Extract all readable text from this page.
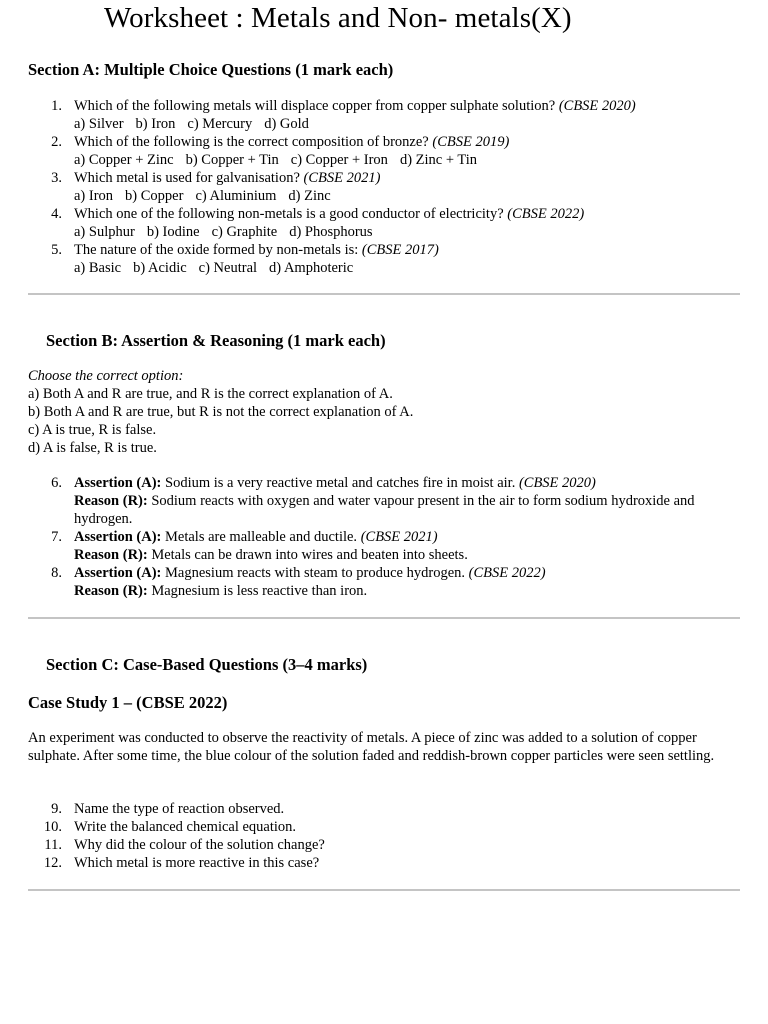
Worksheet : Metals and Non- metals(X)
Section A: Multiple Choice Questions (1 mark each)
1. Which of the following metals will displace copper from copper sulphate solution? (CBSE 2020)
a) Silver b) Iron c) Mercury d) Gold
2. Which of the following is the correct composition of bronze? (CBSE 2019)
a) Copper + Zinc b) Copper + Tin c) Copper + Iron d) Zinc + Tin
3. Which metal is used for galvanisation? (CBSE 2021)
a) Iron b) Copper c) Aluminium d) Zinc
4. Which one of the following non-metals is a good conductor of electricity? (CBSE 2022)
a) Sulphur b) Iodine c) Graphite d) Phosphorus
5. The nature of the oxide formed by non-metals is: (CBSE 2017)
a) Basic b) Acidic c) Neutral d) Amphoteric
Section B: Assertion & Reasoning (1 mark each)
Choose the correct option:
a) Both A and R are true, and R is the correct explanation of A.
b) Both A and R are true, but R is not the correct explanation of A.
c) A is true, R is false.
d) A is false, R is true.
6. Assertion (A): Sodium is a very reactive metal and catches fire in moist air. (CBSE 2020)
Reason (R): Sodium reacts with oxygen and water vapour present in the air to form sodium hydroxide and hydrogen.
7. Assertion (A): Metals are malleable and ductile. (CBSE 2021)
Reason (R): Metals can be drawn into wires and beaten into sheets.
8. Assertion (A): Magnesium reacts with steam to produce hydrogen. (CBSE 2022)
Reason (R): Magnesium is less reactive than iron.
Section C: Case-Based Questions (3–4 marks)
Case Study 1 – (CBSE 2022)
An experiment was conducted to observe the reactivity of metals. A piece of zinc was added to a solution of copper sulphate. After some time, the blue colour of the solution faded and reddish-brown copper particles were seen settling.
9. Name the type of reaction observed.
10. Write the balanced chemical equation.
11. Why did the colour of the solution change?
12. Which metal is more reactive in this case?
